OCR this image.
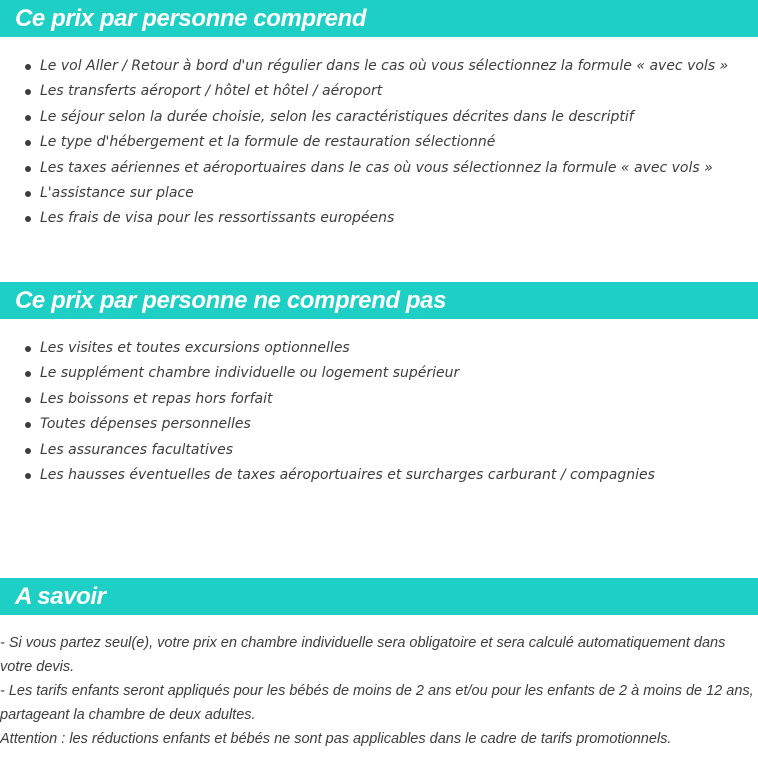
Ce prix par personne comprend
Le vol Aller / Retour à bord d'un régulier dans le cas où vous sélectionnez la formule « avec vols »
Les transferts aéroport / hôtel et hôtel / aéroport
Le séjour selon la durée choisie, selon les caractéristiques décrites dans le descriptif
Le type d'hébergement et la formule de restauration sélectionné
Les taxes aériennes et aéroportuaires dans le cas où vous sélectionnez la formule « avec vols »
L'assistance sur place
Les frais de visa pour les ressortissants européens
Ce prix par personne ne comprend pas
Les visites et toutes excursions optionnelles
Le supplément chambre individuelle ou logement supérieur
Les boissons et repas hors forfait
Toutes dépenses personnelles
Les assurances facultatives
Les hausses éventuelles de taxes aéroportuaires et surcharges carburant / compagnies
A savoir

- Si vous partez seul(e), votre prix en chambre individuelle sera obligatoire et sera calculé automatiquement dans votre devis.

- Les tarifs enfants seront appliqués pour les bébés de moins de 2 ans et/ou pour les enfants de 2 à moins de 12 ans, partageant la chambre de deux adultes.

Attention : les réductions enfants et bébés ne sont pas applicables dans le cadre de tarifs promotionnels.
